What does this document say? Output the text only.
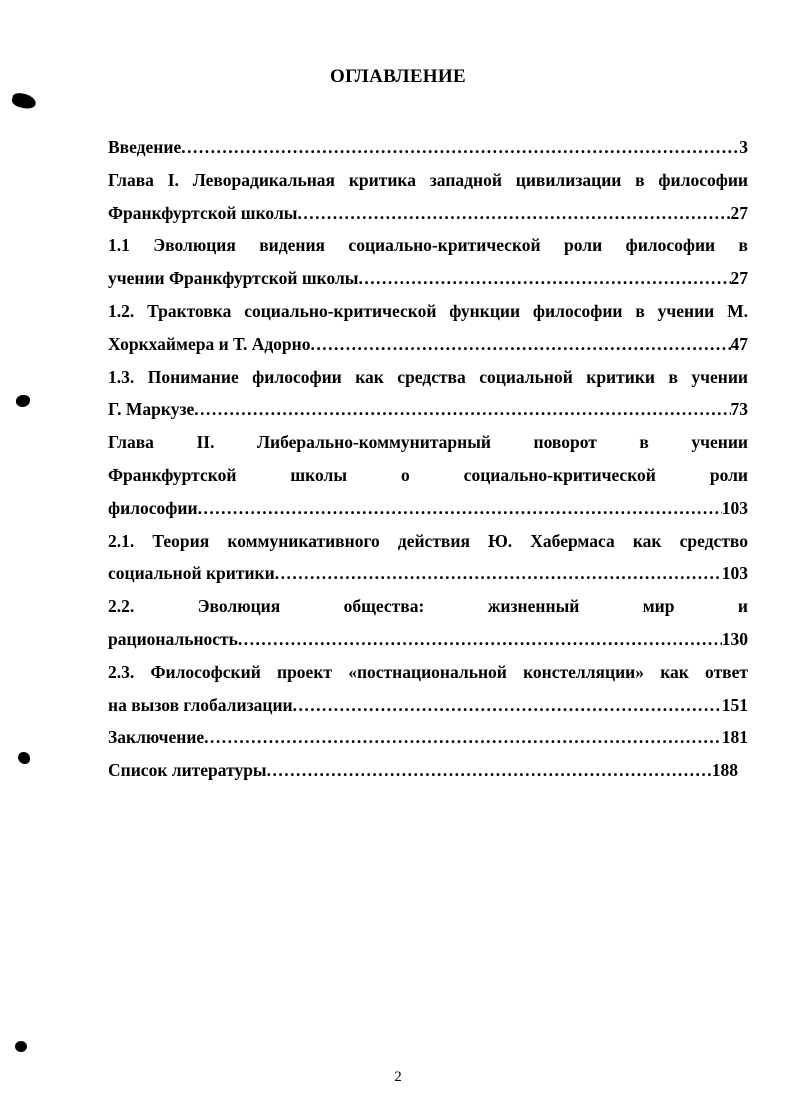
ОГЛАВЛЕНИЕ
Введение .....	3
Глава I. Леворадикальная критика западной цивилизации в философии
Франкфуртской школы .....	27
1.1 Эволюция видения социально-критической роли философии в
учении Франкфуртской школы .....	27
1.2. Трактовка социально-критической функции философии в учении М.
Хоркхаймера и Т. Адорно .....	47
1.3. Понимание философии как средства социальной критики в учении
Г. Маркузе .....	73
Глава II. Либерально-коммунитарный поворот в учении
Франкфуртской школы о социально-критической роли
философии .....	103
2.1. Теория коммуникативного действия Ю. Хабермаса как средство
социальной критики .....	103
2.2. Эволюция общества: жизненный мир и
рациональность .....	130
2.3. Философский проект «постнациональной констелляции» как ответ
на вызов глобализации .....	151
Заключение .....	181
Список литературы .....	188
2
